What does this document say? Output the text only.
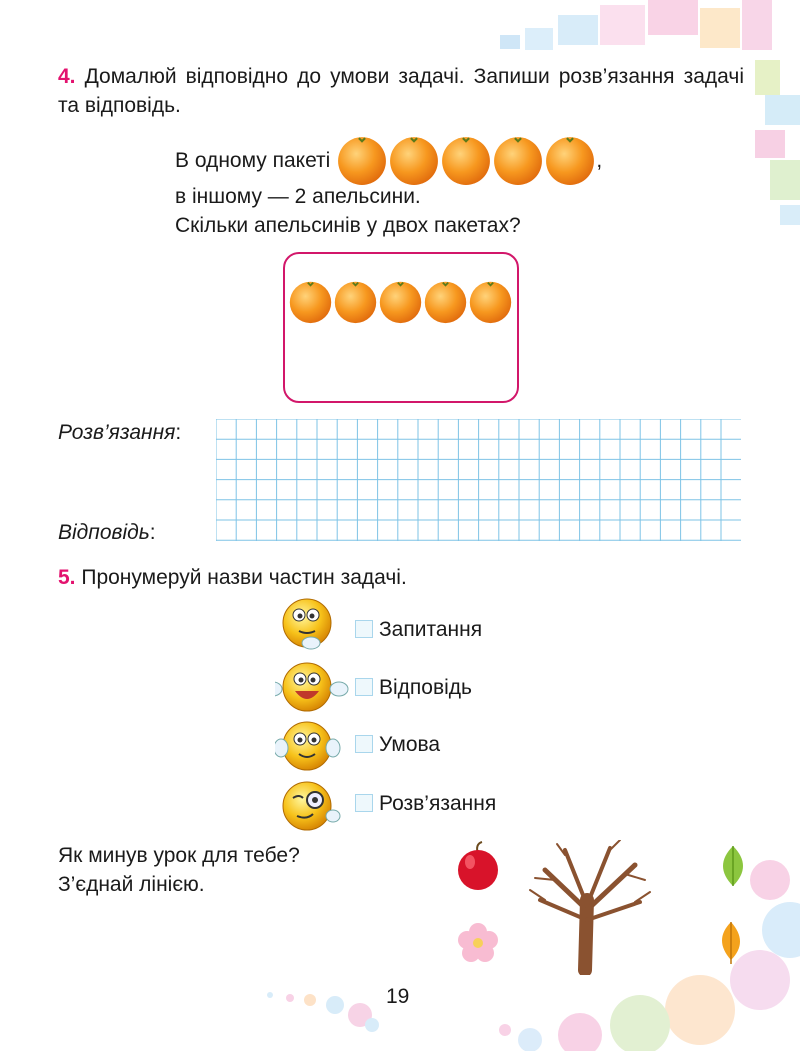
4. Домалюй відповідно до умови задачі. Запиши розв’язання задачі та відповідь.
В одному пакеті	,
в іншому — 2 апельсини.
Скільки апельсинів у двох пакетах?
Розв’язання:
Відповідь:
5. Пронумеруй назви частин задачі.
Запитання
Відповідь
Умова
Розв’язання
Як минув урок для тебе?
З’єднай лінією.
19
